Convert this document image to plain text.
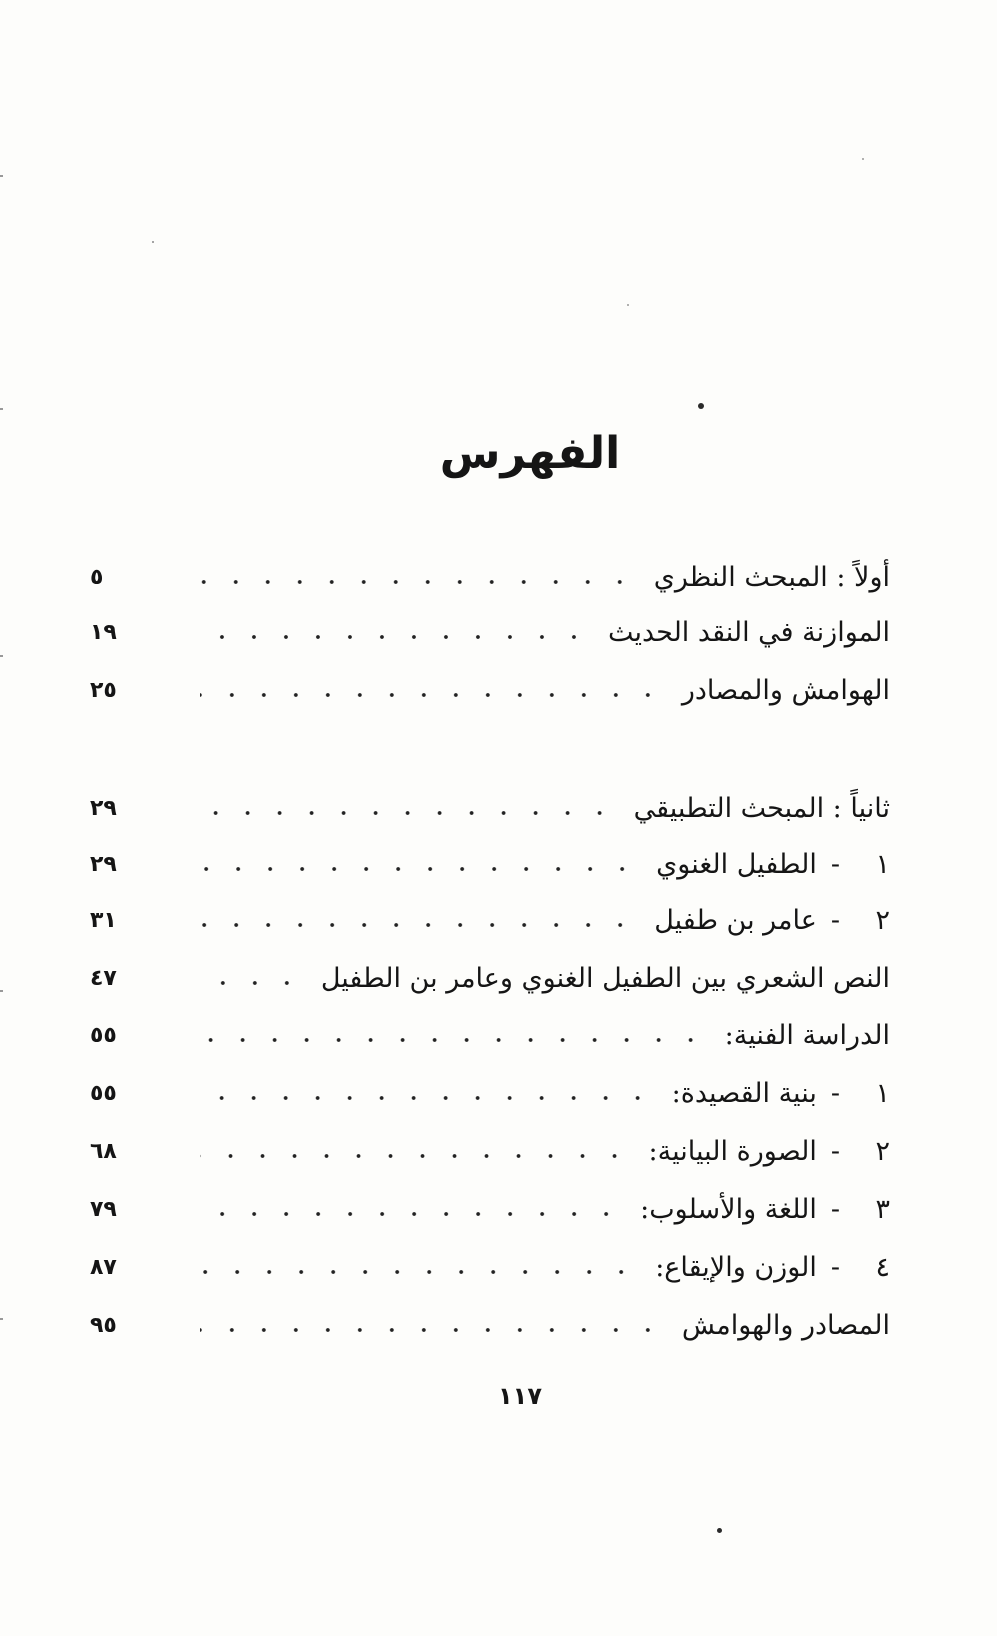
الفهرس
أولاً : المبحث النظري
٥
الموازنة في النقد الحديث
١٩
الهوامش والمصادر
٢٥
ثانياً : المبحث التطبيقي
٢٩
١-الطفيل الغنوي
٢٩
٢-عامر بن طفيل
٣١
النص الشعري بين الطفيل الغنوي وعامر بن الطفيل
٤٧
الدراسة الفنية:
٥٥
١-بنية القصيدة:
٥٥
٢-الصورة البيانية:
٦٨
٣-اللغة والأسلوب:
٧٩
٤-الوزن والإيقاع:
٨٧
المصادر والهوامش
٩٥
١١٧
